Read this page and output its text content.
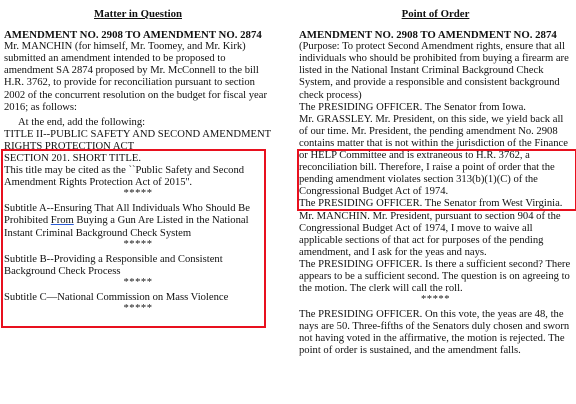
Matter in Question

AMENDMENT NO. 2908 TO AMENDMENT NO. 2874

Mr. MANCHIN (for himself, Mr. Toomey, and Mr. Kirk) submitted an amendment intended to be proposed to amendment SA 2874 proposed by Mr. McConnell to the bill H.R. 3762, to provide for reconciliation pursuant to section 2002 of the concurrent resolution on the budget for fiscal year 2016; as follows:

At the end, add the following:

TITLE II--PUBLIC SAFETY AND SECOND AMENDMENT RIGHTS PROTECTION ACT

SECTION 201. SHORT TITLE.

This title may be cited as the ``Public Safety and Second Amendment Rights Protection Act of 2015''.

*****

Subtitle A--Ensuring That All Individuals Who Should Be Prohibited From Buying a Gun Are Listed in the National Instant Criminal Background Check System

*****

Subtitle B--Providing a Responsible and Consistent Background Check Process

*****

Subtitle C—National Commission on Mass Violence

*****

Point of Order

AMENDMENT NO. 2908 TO AMENDMENT NO. 2874

(Purpose: To protect Second Amendment rights, ensure that all individuals who should be prohibited from buying a firearm are listed in the National Instant Criminal Background Check System, and provide a responsible and consistent background check process)

The PRESIDING OFFICER. The Senator from Iowa.

Mr. GRASSLEY. Mr. President, on this side, we yield back all of our time. Mr. President, the pending amendment No. 2908 contains matter that is not within the jurisdiction of the Finance or HELP Committee and is extraneous to H.R. 3762, a reconciliation bill. Therefore, I raise a point of order that the pending amendment violates section 313(b)(1)(C) of the Congressional Budget Act of 1974.

The PRESIDING OFFICER. The Senator from West Virginia.

Mr. MANCHIN. Mr. President, pursuant to section 904 of the Congressional Budget Act of 1974, I move to waive all applicable sections of that act for purposes of the pending amendment, and I ask for the yeas and nays.

The PRESIDING OFFICER. Is there a sufficient second? There appears to be a sufficient second. The question is on agreeing to the motion. The clerk will call the roll.

*****

The PRESIDING OFFICER. On this vote, the yeas are 48, the nays are 50. Three-fifths of the Senators duly chosen and sworn not having voted in the affirmative, the motion is rejected. The point of order is sustained, and the amendment falls.
